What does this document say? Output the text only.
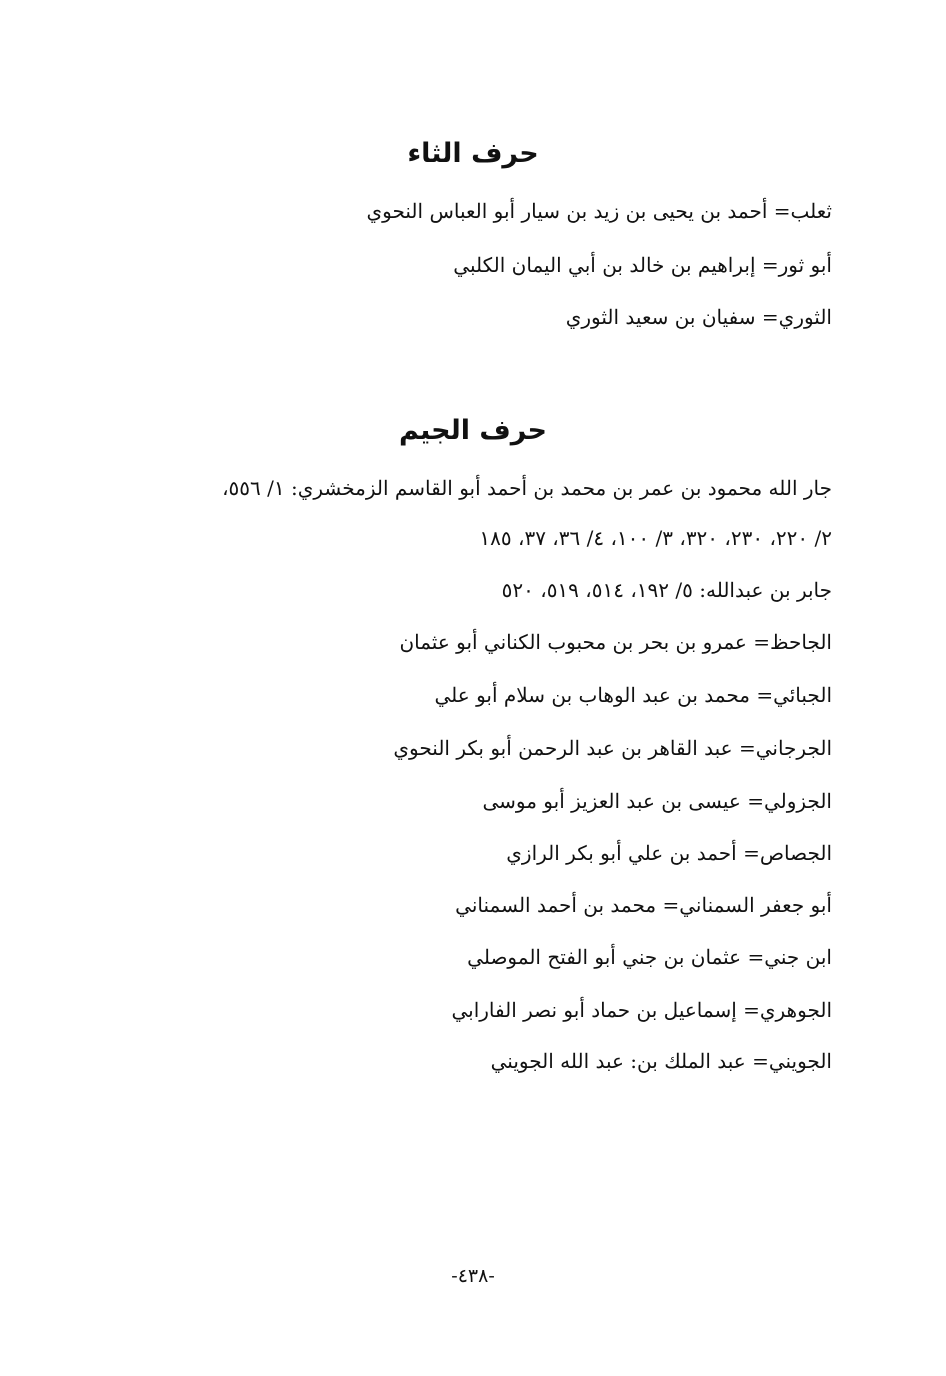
حرف الثاء
ثعلب= أحمد بن يحيى بن زيد بن سيار أبو العباس النحوي
أبو ثور= إبراهيم بن خالد بن أبي اليمان الكلبي
الثوري= سفيان بن سعيد الثوري
حرف الجيم
جار الله محمود بن عمر بن محمد بن أحمد أبو القاسم الزمخشري: ١/ ٥٥٦،
٢/ ٢٢٠، ٢٣٠، ٣٢٠، ٣/ ١٠٠، ٤/ ٣٦، ٣٧، ١٨٥
جابر بن عبدالله: ٥/ ١٩٢، ٥١٤، ٥١٩، ٥٢٠
الجاحظ= عمرو بن بحر بن محبوب الكناني أبو عثمان
الجبائي= محمد بن عبد الوهاب بن سلام أبو علي
الجرجاني= عبد القاهر بن عبد الرحمن أبو بكر النحوي
الجزولي= عيسى بن عبد العزيز أبو موسى
الجصاص= أحمد بن علي أبو بكر الرازي
أبو جعفر السمناني= محمد بن أحمد السمناني
ابن جني= عثمان بن جني أبو الفتح الموصلي
الجوهري= إسماعيل بن حماد أبو نصر الفارابي
الجويني= عبد الملك بن: عبد الله الجويني
-٤٣٨-
